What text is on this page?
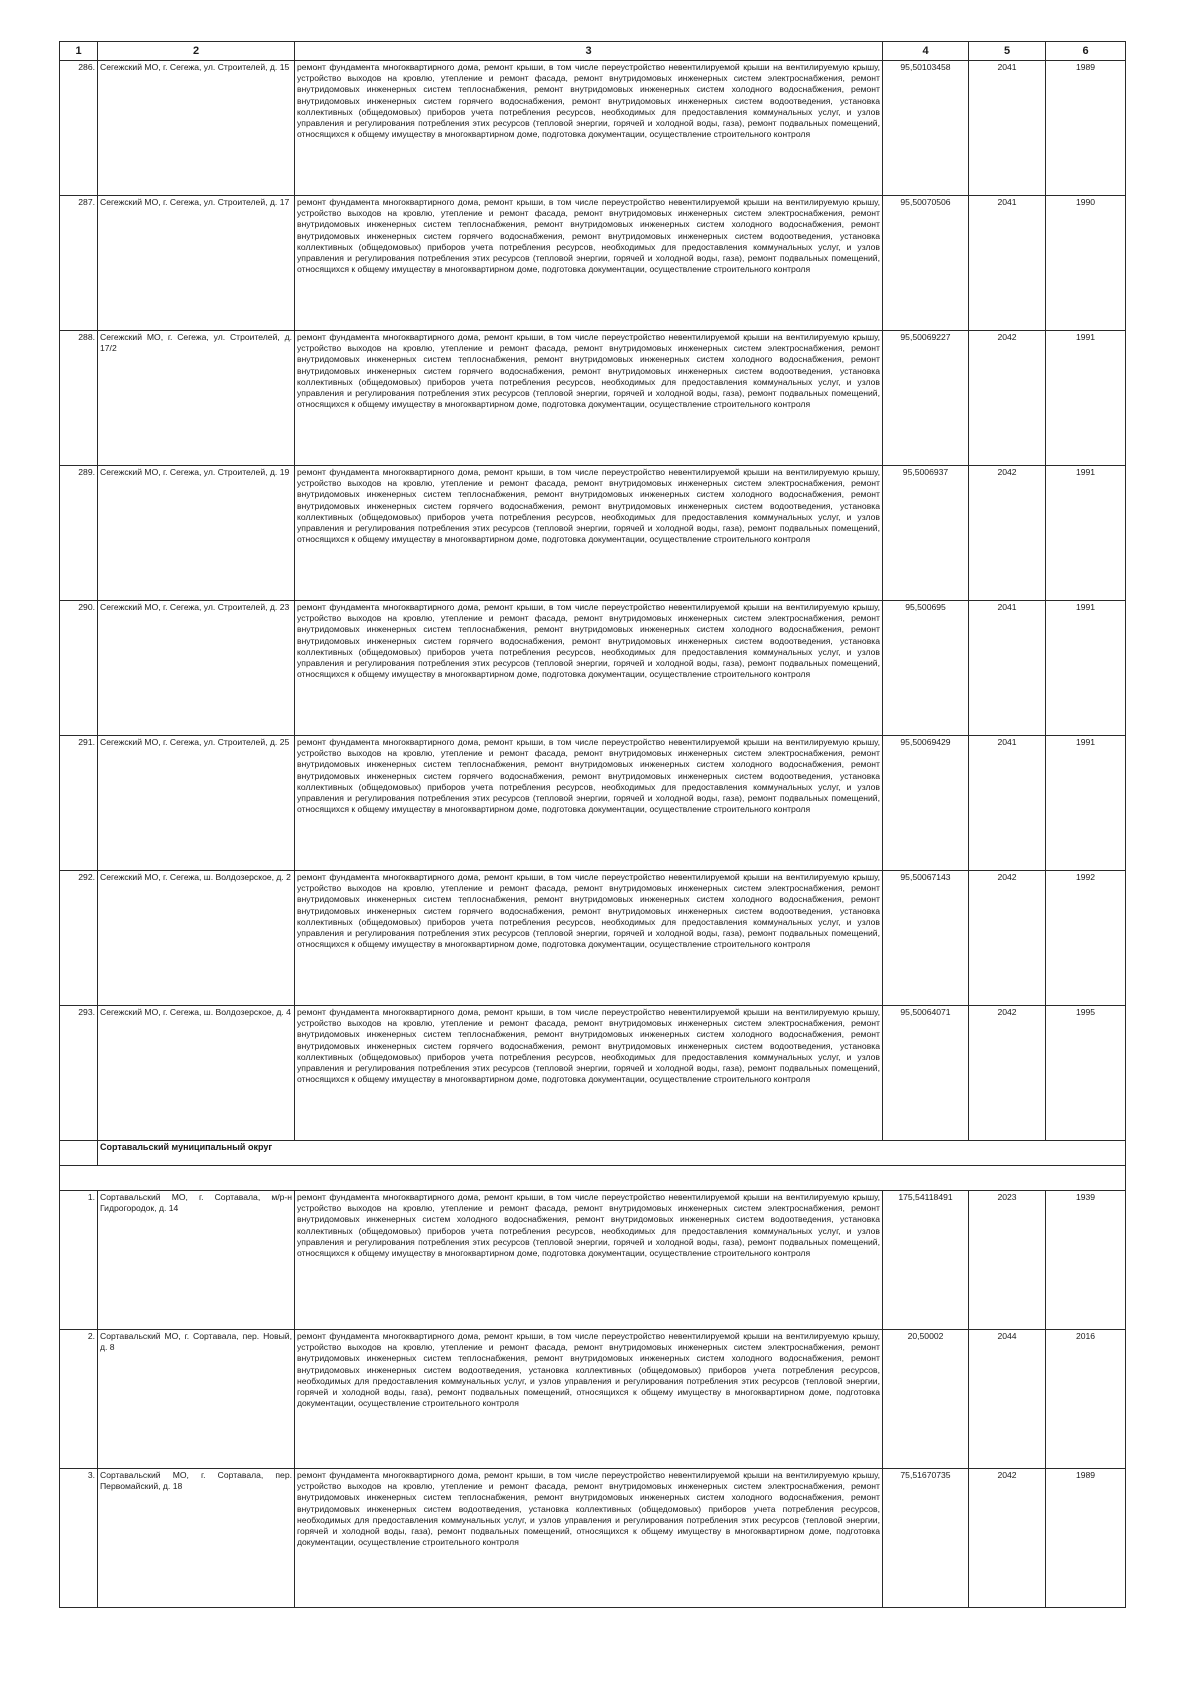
1	2	3	4	5	6
286.	Сегежский МО, г. Сегежа, ул. Строителей, д. 15	ремонт фундамента многоквартирного дома, ремонт крыши, в том числе переустройство невентилируемой крыши на вентилируемую крышу, устройство выходов на кровлю, утепление и ремонт фасада, ремонт внутридомовых инженерных систем электроснабжения, ремонт внутридомовых инженерных систем теплоснабжения, ремонт внутридомовых инженерных систем холодного водоснабжения, ремонт внутридомовых инженерных систем горячего водоснабжения, ремонт внутридомовых инженерных систем водоотведения, установка коллективных (общедомовых) приборов учета потребления ресурсов, необходимых для предоставления коммунальных услуг, и узлов управления и регулирования потребления этих ресурсов (тепловой энергии, горячей и холодной воды, газа), ремонт подвальных помещений, относящихся к общему имуществу в многоквартирном доме, подготовка документации, осуществление строительного контроля	95,50103458	2041	1989
287.	Сегежский МО, г. Сегежа, ул. Строителей, д. 17	ремонт фундамента многоквартирного дома, ремонт крыши, в том числе переустройство невентилируемой крыши на вентилируемую крышу, устройство выходов на кровлю, утепление и ремонт фасада, ремонт внутридомовых инженерных систем электроснабжения, ремонт внутридомовых инженерных систем теплоснабжения, ремонт внутридомовых инженерных систем холодного водоснабжения, ремонт внутридомовых инженерных систем горячего водоснабжения, ремонт внутридомовых инженерных систем водоотведения, установка коллективных (общедомовых) приборов учета потребления ресурсов, необходимых для предоставления коммунальных услуг, и узлов управления и регулирования потребления этих ресурсов (тепловой энергии, горячей и холодной воды, газа), ремонт подвальных помещений, относящихся к общему имуществу в многоквартирном доме, подготовка документации, осуществление строительного контроля	95,50070506	2041	1990
288.	Сегежский МО, г. Сегежа, ул. Строителей, д. 17/2	ремонт фундамента многоквартирного дома, ремонт крыши, в том числе переустройство невентилируемой крыши на вентилируемую крышу, устройство выходов на кровлю, утепление и ремонт фасада, ремонт внутридомовых инженерных систем электроснабжения, ремонт внутридомовых инженерных систем теплоснабжения, ремонт внутридомовых инженерных систем холодного водоснабжения, ремонт внутридомовых инженерных систем горячего водоснабжения, ремонт внутридомовых инженерных систем водоотведения, установка коллективных (общедомовых) приборов учета потребления ресурсов, необходимых для предоставления коммунальных услуг, и узлов управления и регулирования потребления этих ресурсов (тепловой энергии, горячей и холодной воды, газа), ремонт подвальных помещений, относящихся к общему имуществу в многоквартирном доме, подготовка документации, осуществление строительного контроля	95,50069227	2042	1991
289.	Сегежский МО, г. Сегежа, ул. Строителей, д. 19	ремонт фундамента многоквартирного дома, ремонт крыши, в том числе переустройство невентилируемой крыши на вентилируемую крышу, устройство выходов на кровлю, утепление и ремонт фасада, ремонт внутридомовых инженерных систем электроснабжения, ремонт внутридомовых инженерных систем теплоснабжения, ремонт внутридомовых инженерных систем холодного водоснабжения, ремонт внутридомовых инженерных систем горячего водоснабжения, ремонт внутридомовых инженерных систем водоотведения, установка коллективных (общедомовых) приборов учета потребления ресурсов, необходимых для предоставления коммунальных услуг, и узлов управления и регулирования потребления этих ресурсов (тепловой энергии, горячей и холодной воды, газа), ремонт подвальных помещений, относящихся к общему имуществу в многоквартирном доме, подготовка документации, осуществление строительного контроля	95,5006937	2042	1991
290.	Сегежский МО, г. Сегежа, ул. Строителей, д. 23	ремонт фундамента многоквартирного дома, ремонт крыши, в том числе переустройство невентилируемой крыши на вентилируемую крышу, устройство выходов на кровлю, утепление и ремонт фасада, ремонт внутридомовых инженерных систем электроснабжения, ремонт внутридомовых инженерных систем теплоснабжения, ремонт внутридомовых инженерных систем холодного водоснабжения, ремонт внутридомовых инженерных систем горячего водоснабжения, ремонт внутридомовых инженерных систем водоотведения, установка коллективных (общедомовых) приборов учета потребления ресурсов, необходимых для предоставления коммунальных услуг, и узлов управления и регулирования потребления этих ресурсов (тепловой энергии, горячей и холодной воды, газа), ремонт подвальных помещений, относящихся к общему имуществу в многоквартирном доме, подготовка документации, осуществление строительного контроля	95,500695	2041	1991
291.	Сегежский МО, г. Сегежа, ул. Строителей, д. 25	ремонт фундамента многоквартирного дома, ремонт крыши, в том числе переустройство невентилируемой крыши на вентилируемую крышу, устройство выходов на кровлю, утепление и ремонт фасада, ремонт внутридомовых инженерных систем электроснабжения, ремонт внутридомовых инженерных систем теплоснабжения, ремонт внутридомовых инженерных систем холодного водоснабжения, ремонт внутридомовых инженерных систем горячего водоснабжения, ремонт внутридомовых инженерных систем водоотведения, установка коллективных (общедомовых) приборов учета потребления ресурсов, необходимых для предоставления коммунальных услуг, и узлов управления и регулирования потребления этих ресурсов (тепловой энергии, горячей и холодной воды, газа), ремонт подвальных помещений, относящихся к общему имуществу в многоквартирном доме, подготовка документации, осуществление строительного контроля	95,50069429	2041	1991
292.	Сегежский МО, г. Сегежа, ш. Волдозерское, д. 2	ремонт фундамента многоквартирного дома, ремонт крыши, в том числе переустройство невентилируемой крыши на вентилируемую крышу, устройство выходов на кровлю, утепление и ремонт фасада, ремонт внутридомовых инженерных систем электроснабжения, ремонт внутридомовых инженерных систем теплоснабжения, ремонт внутридомовых инженерных систем холодного водоснабжения, ремонт внутридомовых инженерных систем горячего водоснабжения, ремонт внутридомовых инженерных систем водоотведения, установка коллективных (общедомовых) приборов учета потребления ресурсов, необходимых для предоставления коммунальных услуг, и узлов управления и регулирования потребления этих ресурсов (тепловой энергии, горячей и холодной воды, газа), ремонт подвальных помещений, относящихся к общему имуществу в многоквартирном доме, подготовка документации, осуществление строительного контроля	95,50067143	2042	1992
293.	Сегежский МО, г. Сегежа, ш. Волдозерское, д. 4	ремонт фундамента многоквартирного дома, ремонт крыши, в том числе переустройство невентилируемой крыши на вентилируемую крышу, устройство выходов на кровлю, утепление и ремонт фасада, ремонт внутридомовых инженерных систем электроснабжения, ремонт внутридомовых инженерных систем теплоснабжения, ремонт внутридомовых инженерных систем холодного водоснабжения, ремонт внутридомовых инженерных систем горячего водоснабжения, ремонт внутридомовых инженерных систем водоотведения, установка коллективных (общедомовых) приборов учета потребления ресурсов, необходимых для предоставления коммунальных услуг, и узлов управления и регулирования потребления этих ресурсов (тепловой энергии, горячей и холодной воды, газа), ремонт подвальных помещений, относящихся к общему имуществу в многоквартирном доме, подготовка документации, осуществление строительного контроля	95,50064071	2042	1995
	Сортавальский муниципальный округ				

1.	Сортавальский МО, г. Сортавала, м/р-н Гидрогородок, д. 14	ремонт фундамента многоквартирного дома, ремонт крыши, в том числе переустройство невентилируемой крыши на вентилируемую крышу, устройство выходов на кровлю, утепление и ремонт фасада, ремонт внутридомовых инженерных систем электроснабжения, ремонт внутридомовых инженерных систем холодного водоснабжения, ремонт внутридомовых инженерных систем водоотведения, установка коллективных (общедомовых) приборов учета потребления ресурсов, необходимых для предоставления коммунальных услуг, и узлов управления и регулирования потребления этих ресурсов (тепловой энергии, горячей и холодной воды, газа), ремонт подвальных помещений, относящихся к общему имуществу в многоквартирном доме, подготовка документации, осуществление строительного контроля	175,54118491	2023	1939
2.	Сортавальский МО, г. Сортавала, пер. Новый, д. 8	ремонт фундамента многоквартирного дома, ремонт крыши, в том числе переустройство невентилируемой крыши на вентилируемую крышу, устройство выходов на кровлю, утепление и ремонт фасада, ремонт внутридомовых инженерных систем электроснабжения, ремонт внутридомовых инженерных систем теплоснабжения, ремонт внутридомовых инженерных систем холодного водоснабжения, ремонт внутридомовых инженерных систем водоотведения, установка коллективных (общедомовых) приборов учета потребления ресурсов, необходимых для предоставления коммунальных услуг, и узлов управления и регулирования потребления этих ресурсов (тепловой энергии, горячей и холодной воды, газа), ремонт подвальных помещений, относящихся к общему имуществу в многоквартирном доме, подготовка документации, осуществление строительного контроля	20,50002	2044	2016
3.	Сортавальский МО, г. Сортавала, пер. Первомайский, д. 18	ремонт фундамента многоквартирного дома, ремонт крыши, в том числе переустройство невентилируемой крыши на вентилируемую крышу, устройство выходов на кровлю, утепление и ремонт фасада, ремонт внутридомовых инженерных систем электроснабжения, ремонт внутридомовых инженерных систем теплоснабжения, ремонт внутридомовых инженерных систем холодного водоснабжения, ремонт внутридомовых инженерных систем водоотведения, установка коллективных (общедомовых) приборов учета потребления ресурсов, необходимых для предоставления коммунальных услуг, и узлов управления и регулирования потребления этих ресурсов (тепловой энергии, горячей и холодной воды, газа), ремонт подвальных помещений, относящихся к общему имуществу в многоквартирном доме, подготовка документации, осуществление строительного контроля	75,51670735	2042	1989
